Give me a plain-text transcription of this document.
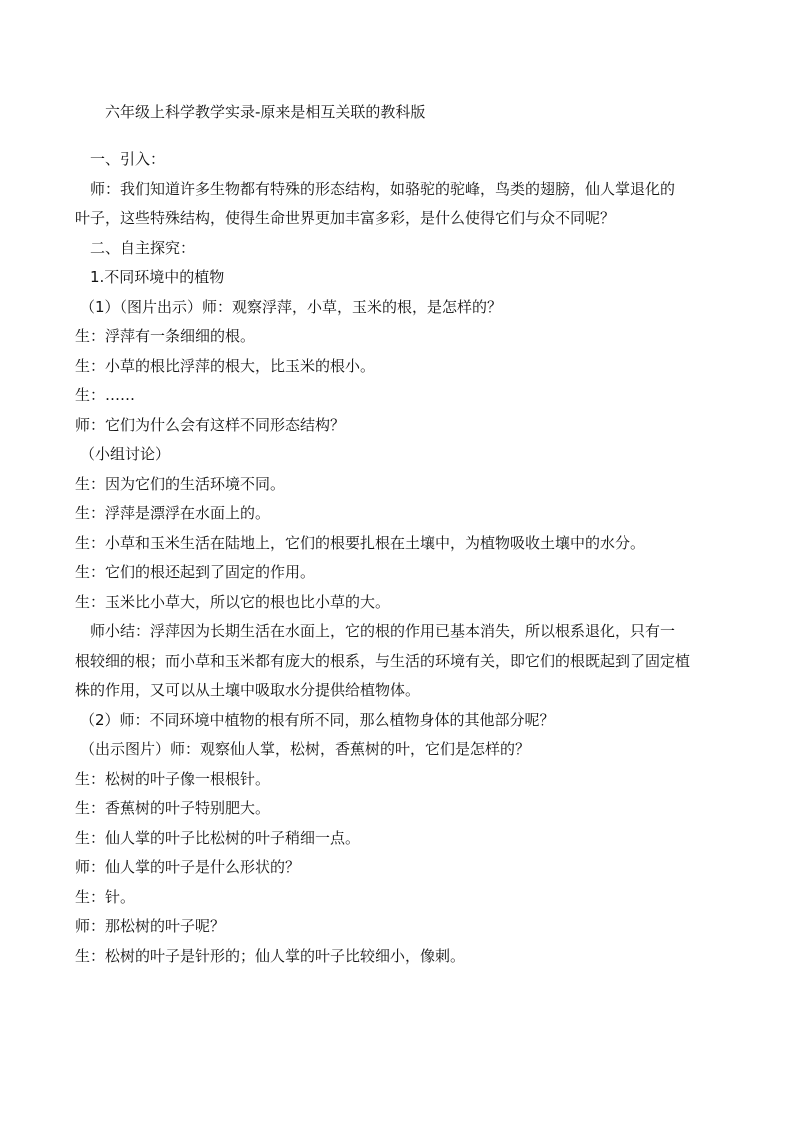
六年级上科学教学实录-原来是相互关联的教科版
一、引入：
师：我们知道许多生物都有特殊的形态结构，如骆驼的驼峰，鸟类的翅膀，仙人掌退化的
叶子，这些特殊结构，使得生命世界更加丰富多彩，是什么使得它们与众不同呢？
二、自主探究：
1.不同环境中的植物
（1）（图片出示）师：观察浮萍，小草，玉米的根，是怎样的？
生：浮萍有一条细细的根。
生：小草的根比浮萍的根大，比玉米的根小。
生：……
师：它们为什么会有这样不同形态结构？
（小组讨论）
生：因为它们的生活环境不同。
生：浮萍是漂浮在水面上的。
生：小草和玉米生活在陆地上，它们的根要扎根在土壤中，为植物吸收土壤中的水分。
生：它们的根还起到了固定的作用。
生：玉米比小草大，所以它的根也比小草的大。
师小结：浮萍因为长期生活在水面上，它的根的作用已基本消失，所以根系退化，只有一
根较细的根；而小草和玉米都有庞大的根系，与生活的环境有关，即它们的根既起到了固定植
株的作用，又可以从土壤中吸取水分提供给植物体。
（2）师：不同环境中植物的根有所不同，那么植物身体的其他部分呢？
（出示图片）师：观察仙人掌，松树，香蕉树的叶，它们是怎样的？
生：松树的叶子像一根根针。
生：香蕉树的叶子特别肥大。
生：仙人掌的叶子比松树的叶子稍细一点。
师：仙人掌的叶子是什么形状的？
生：针。
师：那松树的叶子呢？
生：松树的叶子是针形的；仙人掌的叶子比较细小，像刺。
